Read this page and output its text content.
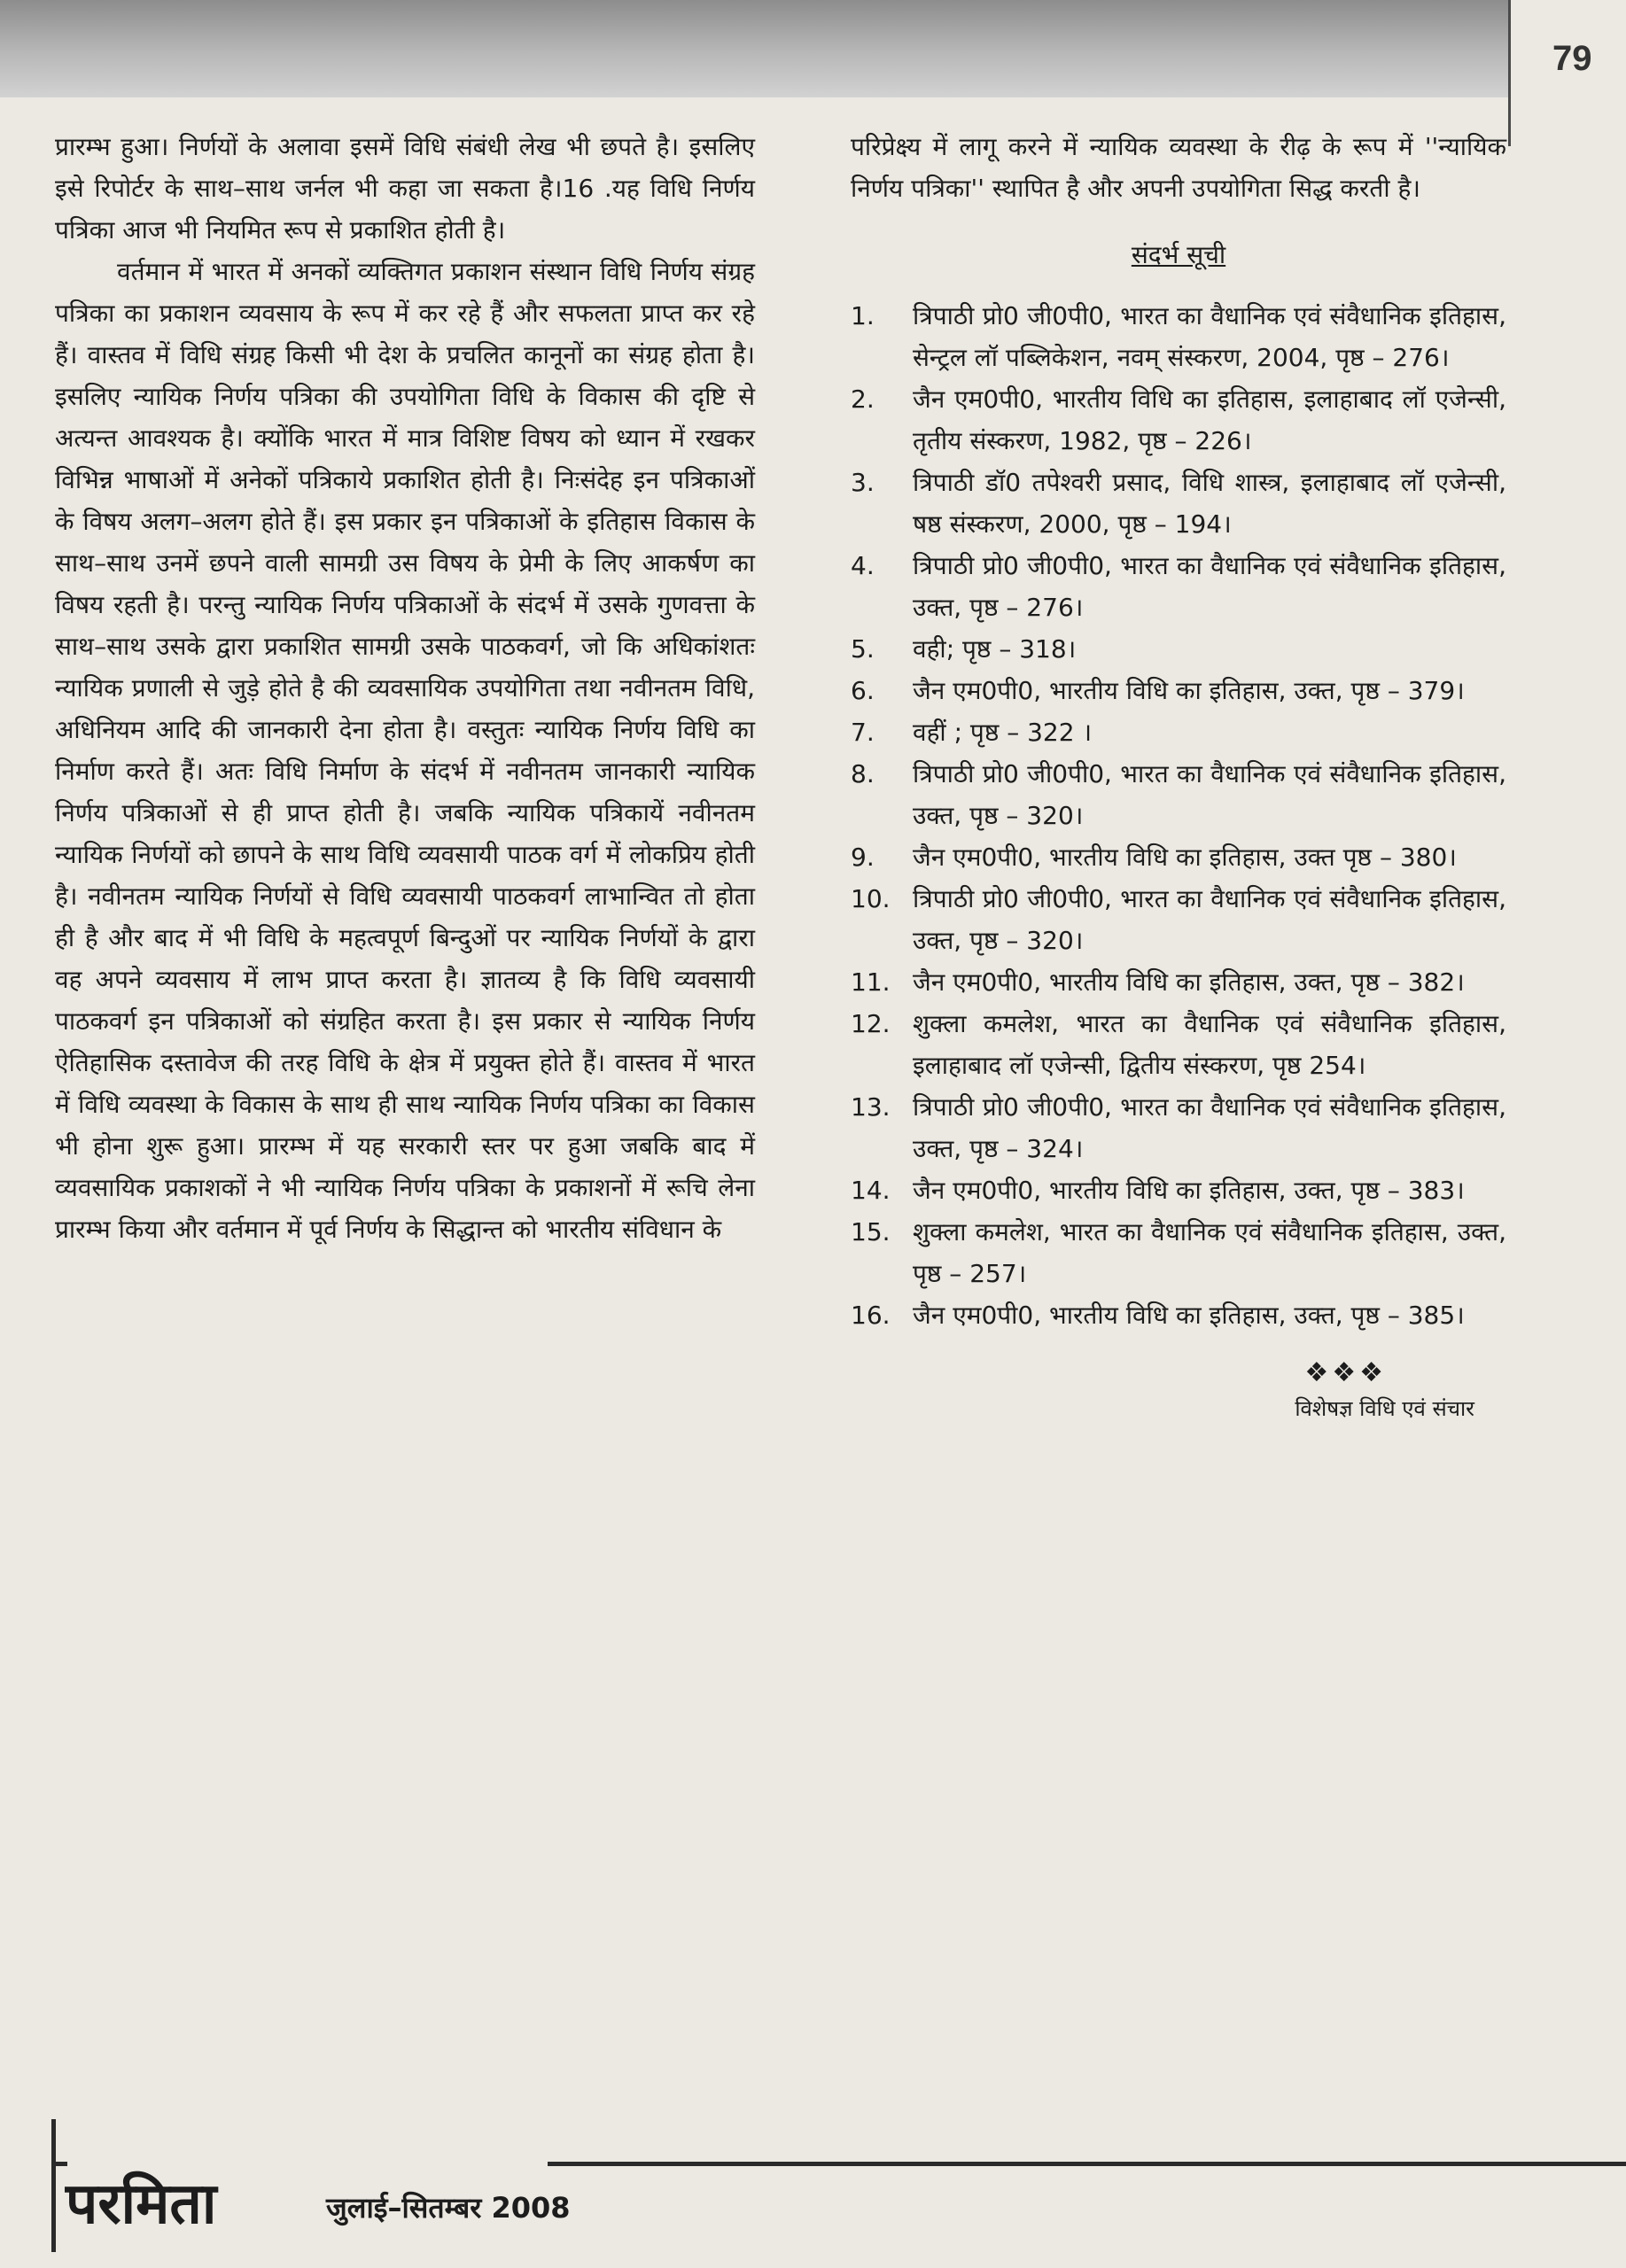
79

प्रारम्भ हुआ। निर्णयों के अलावा इसमें विधि संबंधी लेख भी छपते है। इसलिए इसे रिपोर्टर के साथ–साथ जर्नल भी कहा जा सकता है।16 .यह विधि निर्णय पत्रिका आज भी नियमित रूप से प्रकाशित होती है।

वर्तमान में भारत में अनकों व्यक्तिगत प्रकाशन संस्थान विधि निर्णय संग्रह पत्रिका का प्रकाशन व्यवसाय के रूप में कर रहे हैं और सफलता प्राप्त कर रहे हैं। वास्तव में विधि संग्रह किसी भी देश के प्रचलित कानूनों का संग्रह होता है। इसलिए न्यायिक निर्णय पत्रिका की उपयोगिता विधि के विकास की दृष्टि से अत्यन्त आवश्यक है। क्योंकि भारत में मात्र विशिष्ट विषय को ध्यान में रखकर विभिन्न भाषाओं में अनेकों पत्रिकाये प्रकाशित होती है। निःसंदेह इन पत्रिकाओं के विषय अलग–अलग होते हैं। इस प्रकार इन पत्रिकाओं के इतिहास विकास के साथ–साथ उनमें छपने वाली सामग्री उस विषय के प्रेमी के लिए आकर्षण का विषय रहती है। परन्तु न्यायिक निर्णय पत्रिकाओं के संदर्भ में उसके गुणवत्ता के साथ–साथ उसके द्वारा प्रकाशित सामग्री उसके पाठकवर्ग, जो कि अधिकांशतः न्यायिक प्रणाली से जुड़े होते है की व्यवसायिक उपयोगिता तथा नवीनतम विधि, अधिनियम आदि की जानकारी देना होता है। वस्तुतः न्यायिक निर्णय विधि का निर्माण करते हैं। अतः विधि निर्माण के संदर्भ में नवीनतम जानकारी न्यायिक निर्णय पत्रिकाओं से ही प्राप्त होती है। जबकि न्यायिक पत्रिकायें नवीनतम न्यायिक निर्णयों को छापने के साथ विधि व्यवसायी पाठक वर्ग में लोकप्रिय होती है। नवीनतम न्यायिक निर्णयों से विधि व्यवसायी पाठकवर्ग लाभान्वित तो होता ही है और बाद में भी विधि के महत्वपूर्ण बिन्दुओं पर न्यायिक निर्णयों के द्वारा वह अपने व्यवसाय में लाभ प्राप्त करता है। ज्ञातव्य है कि विधि व्यवसायी पाठकवर्ग इन पत्रिकाओं को संग्रहित करता है। इस प्रकार से न्यायिक निर्णय ऐतिहासिक दस्तावेज की तरह विधि के क्षेत्र में प्रयुक्त होते हैं। वास्तव में भारत में विधि व्यवस्था के विकास के साथ ही साथ न्यायिक निर्णय पत्रिका का विकास भी होना शुरू हुआ। प्रारम्भ में यह सरकारी स्तर पर हुआ जबकि बाद में व्यवसायिक प्रकाशकों ने भी न्यायिक निर्णय पत्रिका के प्रकाशनों में रूचि लेना प्रारम्भ किया और वर्तमान में पूर्व निर्णय के सिद्धान्त को भारतीय संविधान के

परिप्रेक्ष्य में लागू करने में न्यायिक व्यवस्था के रीढ़ के रूप में ''न्यायिक निर्णय पत्रिका'' स्थापित है और अपनी उपयोगिता सिद्ध करती है।

संदर्भ सूची
1. त्रिपाठी प्रो0 जी0पी0, भारत का वैधानिक एवं संवैधानिक इतिहास, सेन्ट्रल लॉ पब्लिकेशन, नवम् संस्करण, 2004, पृष्ठ – 276।
2. जैन एम0पी0, भारतीय विधि का इतिहास, इलाहाबाद लॉ एजेन्सी, तृतीय संस्करण, 1982, पृष्ठ – 226।
3. त्रिपाठी डॉ0 तपेश्वरी प्रसाद, विधि शास्त्र, इलाहाबाद लॉ एजेन्सी, षष्ठ संस्करण, 2000, पृष्ठ – 194।
4. त्रिपाठी प्रो0 जी0पी0, भारत का वैधानिक एवं संवैधानिक इतिहास, उक्त, पृष्ठ – 276।
5. वही; पृष्ठ – 318।
6. जैन एम0पी0, भारतीय विधि का इतिहास, उक्त, पृष्ठ – 379।
7. वहीं ; पृष्ठ – 322 ।
8. त्रिपाठी प्रो0 जी0पी0, भारत का वैधानिक एवं संवैधानिक इतिहास, उक्त, पृष्ठ – 320।
9. जैन एम0पी0, भारतीय विधि का इतिहास, उक्त पृष्ठ – 380।
10. त्रिपाठी प्रो0 जी0पी0, भारत का वैधानिक एवं संवैधानिक इतिहास, उक्त, पृष्ठ – 320।
11. जैन एम0पी0, भारतीय विधि का इतिहास, उक्त, पृष्ठ – 382।
12. शुक्ला कमलेश, भारत का वैधानिक एवं संवैधानिक इतिहास, इलाहाबाद लॉ एजेन्सी, द्वितीय संस्करण, पृष्ठ 254।
13. त्रिपाठी प्रो0 जी0पी0, भारत का वैधानिक एवं संवैधानिक इतिहास, उक्त, पृष्ठ – 324।
14. जैन एम0पी0, भारतीय विधि का इतिहास, उक्त, पृष्ठ – 383।
15. शुक्ला कमलेश, भारत का वैधानिक एवं संवैधानिक इतिहास, उक्त, पृष्ठ – 257।
16. जैन एम0पी0, भारतीय विधि का इतिहास, उक्त, पृष्ठ – 385।
❖❖❖
विशेषज्ञ विधि एवं संचार
परमिता	जुलाई–सितम्बर 2008
